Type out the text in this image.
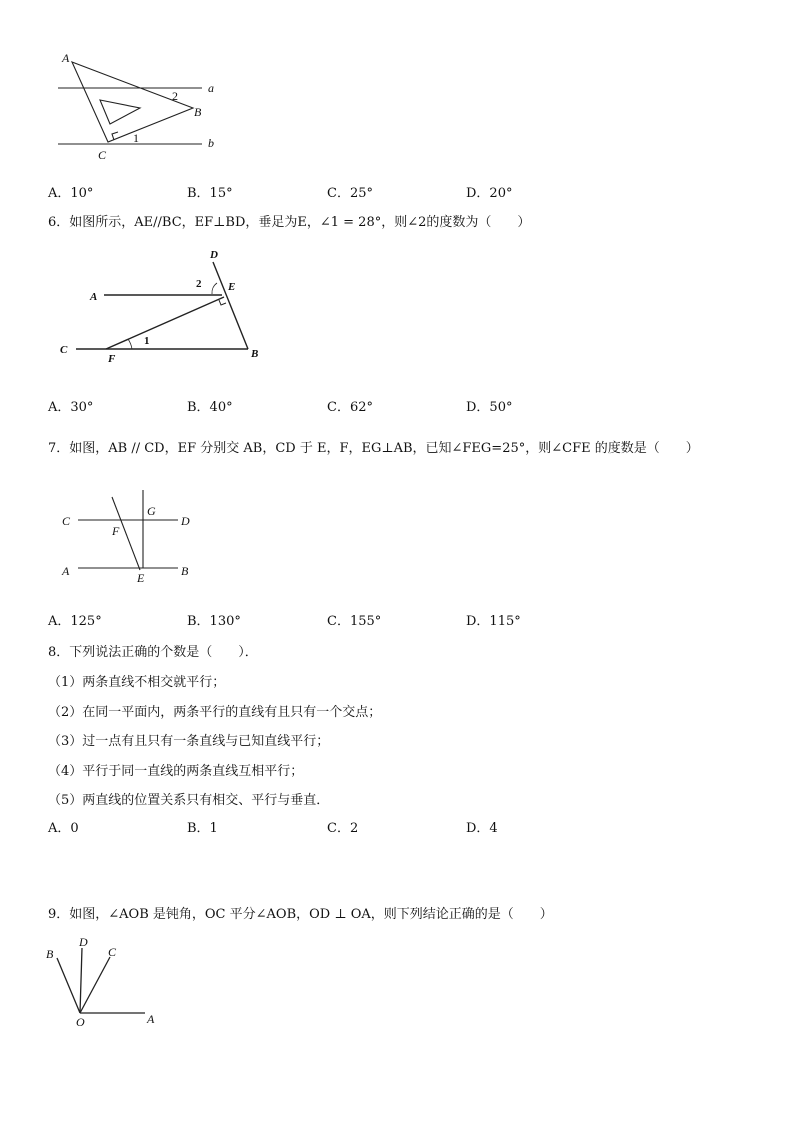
A
B
C
a
b
1
2
A．10°	B．15°	C．25°	D．20°
6．如图所示，AE//BC，EF⊥BD，垂足为E，∠1 = 28°，则∠2的度数为（　　）
D
E
A
C
F	B
1
2
A．30°	B．40°	C．62°	D．50°
7．如图，AB // CD，EF 分别交 AB，CD 于 E，F，EG⊥AB，已知∠FEG=25°，则∠CFE 的度数是（　　）
C	D
F
G
A	B
E
A．125°	B．130°	C．155°	D．115°
8．下列说法正确的个数是（　　）．
（1）两条直线不相交就平行；
（2）在同一平面内，两条平行的直线有且只有一个交点；
（3）过一点有且只有一条直线与已知直线平行；
（4）平行于同一直线的两条直线互相平行；
（5）两直线的位置关系只有相交、平行与垂直．
A．0	B．1	C．2	D．4
9．如图，∠AOB 是钝角，OC 平分∠AOB，OD ⊥ OA，则下列结论正确的是（　　）
B
D
C
O	A
